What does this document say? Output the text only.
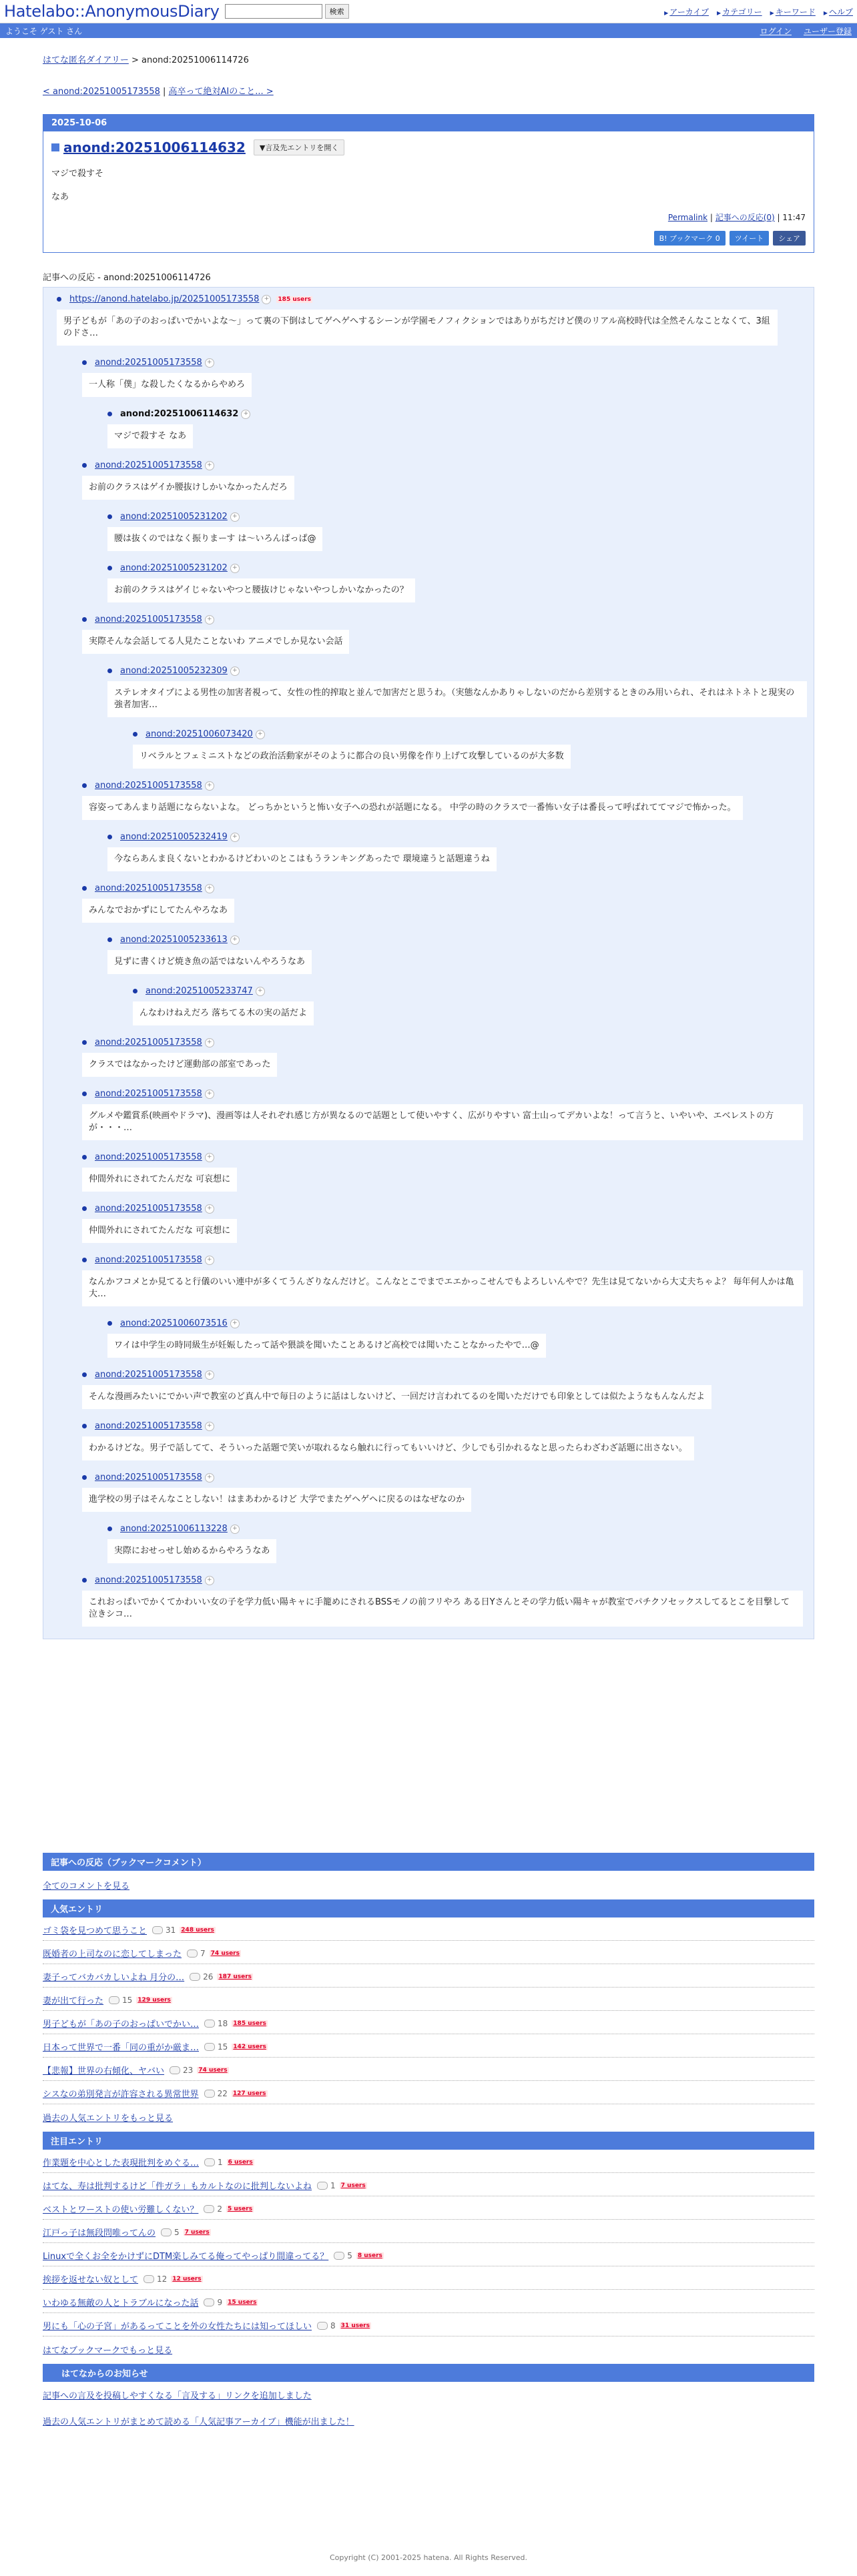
Hatelabo::AnonymousDiary	検索	▶ アーカイブ	▶ カテゴリー	▶ キーワード	▶ ヘルプ
ようこそ ゲスト さん	ログイン ユーザー登録
はてな匿名ダイアリー > anond:20251006114726
< anond:20251005173558 | 高卒って絶対AIのこと... >
2025-10-06
anond:20251006114632	▼言及先エントリを開く

マジで殺すそ

なあ

Permalink | 記事への反応(0) | 11:47
B! ブックマーク 0	ツイート	シェア
記事への反応 - anond:20251006114726
https://anond.hatelabo.jp/20251005173558 +	185 users
男子どもが「あの子のおっぱいでかいよな〜」って裏の下倒はしてゲヘゲへするシーンが学園モノフィクションではありがちだけど僕のリアル高校時代は全然そんなことなくて、3組のドさ…
anond:20251005173558 +
一人称「僕」な殺したくなるからやめろ
anond:20251006114632 +
マジで殺すそ なあ
anond:20251005173558 +
お前のクラスはゲイか腰抜けしかいなかったんだろ
anond:20251005231202 +
腰は抜くのではなく振りまーす は〜いろんぱっぱ@
anond:20251005231202 +
お前のクラスはゲイじゃないやつと腰抜けじゃないやつしかいなかったの？
anond:20251005173558 +
実際そんな会話してる人見たことないわ アニメでしか見ない会話
anond:20251005232309 +
ステレオタイプによる男性の加害者視って、女性の性的搾取と並んで加害だと思うわ。（実態なんかありゃしないのだから差別するときのみ用いられ、それはネトネトと現実の強者加害…
anond:20251006073420 +
リベラルとフェミニストなどの政治活動家がそのように都合の良い男像を作り上げて攻撃しているのが大多数
anond:20251005173558 +
容姿ってあんまり話題にならないよな。 どっちかというと怖い女子への恐れが話題になる。 中学の時のクラスで一番怖い女子は番長って呼ばれててマジで怖かった。
anond:20251005232419 +
今ならあんま良くないとわかるけどわいのとこはもうランキングあったで 環境違うと話題違うね
anond:20251005173558 +
みんなでおかずにしてたんやろなあ
anond:20251005233613 +
見ずに書くけど焼き魚の話ではないんやろうなあ
anond:20251005233747 +
んなわけねえだろ 落ちてる木の実の話だよ
anond:20251005173558 +
クラスではなかったけど運動部の部室であった
anond:20251005173558 +
グルメや鑑賞系(映画やドラマ)、漫画等は人それぞれ感じ方が異なるので話題として使いやすく、広がりやすい 富士山ってデカいよな！って言うと、いやいや、エベレストの方が・・・…
anond:20251005173558 +
仲間外れにされてたんだな 可哀想に
anond:20251005173558 +
仲間外れにされてたんだな 可哀想に
anond:20251005173558 +
なんかフコメとか見てると行儀のいい連中が多くてうんざりなんだけど。こんなとこでまでエエかっこせんでもよろしいんやで？先生は見てないから大丈夫ちゃよ？ 毎年何人かは亀大…
anond:20251006073516 +
ワイは中学生の時同級生が妊娠したって話や猥談を聞いたことあるけど高校では聞いたことなかったやで…@
anond:20251005173558 +
そんな漫画みたいにでかい声で教室のど真ん中で毎日のように話はしないけど、一回だけ言われてるのを聞いただけでも印象としては似たようなもんなんだよ
anond:20251005173558 +
わかるけどな。男子で話してて、そういった話題で笑いが取れるなら触れに行ってもいいけど、少しでも引かれるなと思ったらわざわざ話題に出さない。
anond:20251005173558 +
進学校の男子はそんなことしない！はまあわかるけど 大学でまたゲヘゲヘに戻るのはなぜなのか
anond:20251006113228 +
実際におせっせし始めるからやろうなあ
anond:20251005173558 +
これおっぱいでかくてかわいい女の子を学力低い陽キャに手籠めにされるBSSモノの前フリやろ ある日Yさんとその学力低い陽キャが教室でパチクソセックスしてるとこを目撃して泣きシコ…
記事への反応（ブックマークコメント）
全てのコメントを見る
人気エントリ
ゴミ袋を見つめて思うこと 31 248 users
既婚者の上司なのに恋してしまった 7 74 users
妻子ってバカバカしいよね 月分の… 26 187 users
妻が出て行った 15 129 users
男子どもが「あの子のおっぱいでかい… 18 185 users
日本って世界で一番「同の重がか厳ま… 15 142 users
【悲報】世界の右傾化、ヤバい 23 74 users
シスなの弟別発言が許容される異常世界 22 127 users
過去の人気エントリをもっと見る
注目エントリ
作業題を中心とした表現批判をめぐる… 1 6 users
はてな、寿は批判するけど「件ガラ」もカルトなのに批判しないよね 1 7 users
ベストとワーストの使い労難しくない？ 2 5 users
江戸っ子は無段問唯ってんの 5 7 users
Linuxで全くお全をかけずにDTM楽しみてる俺ってやっぱり間違ってる？ 5 8 users
挨拶を返せない奴として 12 12 users
いわゆる無敵の人とトラブルになった話 9 15 users
男にも「心の子宮」があるってことを外の女性たちには知ってほしい 8 31 users
はてなブックマークでもっと見る
はてなからのお知らせ
記事への言及を投稿しやすくなる「言及する」リンクを追加しました
過去の人気エントリがまとめて読める「人気記事アーカイブ」機能が出ました！
Copyright (C) 2001-2025 hatena. All Rights Reserved.
